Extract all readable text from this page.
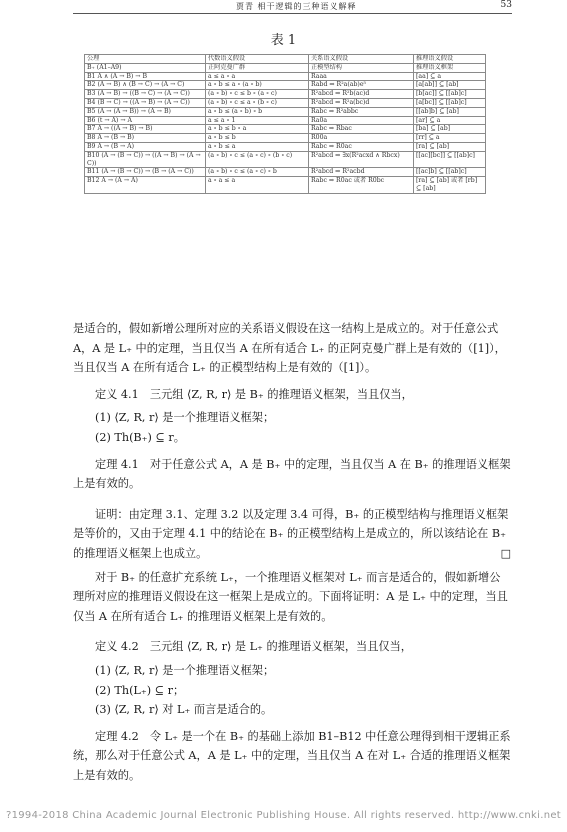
贾青 相干逻辑的三种语义解释	53
表 1
公理	代数语义假设	关系语义假设	推理语义假设
B₊ (A1–A9)	正阿克曼广群	正模型结构	推理语义框架
B1 A ∧ (A → B) → B	a ≤ a ∘ a	Raaa	[aa] ⊆ a
B2 (A → B) ∧ (B → C) → (A → C)	a ∘ b ≤ a ∘ (a ∘ b)	Rabd ⇒ R²a(ab)e⁵	[a[ab]] ⊆ [ab]
B3 (A → B) → ((B → C) → (A → C))	(a ∘ b) ∘ c ≤ b ∘ (a ∘ c)	R²abcd ⇒ R²b(ac)d	[b[ac]] ⊆ [[ab]c]
B4 (B → C) → ((A → B) → (A → C))	(a ∘ b) ∘ c ≤ a ∘ (b ∘ c)	R²abcd ⇒ R²a(bc)d	[a[bc]] ⊆ [[ab]c]
B5 (A → (A → B)) → (A → B)	a ∘ b ≤ (a ∘ b) ∘ b	Rabc ⇒ R²abbc	[[ab]b] ⊆ [ab]
B6 (t → A) → A	a ≤ a ∘ 1	Ra0a	[ar] ⊆ a
B7 A → ((A → B) → B)	a ∘ b ≤ b ∘ a	Rabc ⇒ Rbac	[ba] ⊆ [ab]
B8 A → (B → B)	a ∘ b ≤ b	R00a	[rr] ⊆ a
B9 A → (B → A)	a ∘ b ≤ a	Rabc ⇒ R0ac	[ra] ⊆ [ab]
B10 (A → (B → C)) → ((A → B) → (A → C))	(a ∘ b) ∘ c ≤ (a ∘ c) ∘ (b ∘ c)	R²abcd ⇒ ∃x(R²acxd ∧ Rbcx)	[[ac][bc]] ⊆ [[ab]c]
B11 (A → (B → C)) → (B → (A → C))	(a ∘ b) ∘ c ≤ (a ∘ c) ∘ b	R²abcd ⇒ R²acbd	[[ac]b] ⊆ [[ab]c]
B12 A → (A → A)	a ∘ a ≤ a	Rabc ⇒ R0ac 或者 R0bc	[ra] ⊆ [ab] 或者 [rb] ⊆ [ab]

是适合的，假如新增公理所对应的关系语义假设在这一结构上是成立的。对于任意公式 A，A 是 L₊ 中的定理，当且仅当 A 在所有适合 L₊ 的正阿克曼广群上是有效的（[1]），当且仅当 A 在所有适合 L₊ 的正模型结构上是有效的（[1]）。

定义 4.1　三元组 ⟨Z, R, r⟩ 是 B₊ 的推理语义框架，当且仅当，

(1) ⟨Z, R, r⟩ 是一个推理语义框架；

(2) Th(B₊) ⊆ r。

定理 4.1　对于任意公式 A，A 是 B₊ 中的定理，当且仅当 A 在 B₊ 的推理语义框架上是有效的。

证明：由定理 3.1、定理 3.2 以及定理 3.4 可得，B₊ 的正模型结构与推理语义框架是等价的，又由于定理 4.1 中的结论在 B₊ 的正模型结构上是成立的，所以该结论在 B₊ 的推理语义框架上也成立。	□

对于 B₊ 的任意扩充系统 L₊，一个推理语义框架对 L₊ 而言是适合的，假如新增公理所对应的推理语义假设在这一框架上是成立的。下面将证明：A 是 L₊ 中的定理，当且仅当 A 在所有适合 L₊ 的推理语义框架上是有效的。

定义 4.2　三元组 ⟨Z, R, r⟩ 是 L₊ 的推理语义框架，当且仅当，

(1) ⟨Z, R, r⟩ 是一个推理语义框架；

(2) Th(L₊) ⊆ r；

(3) ⟨Z, R, r⟩ 对 L₊ 而言是适合的。

定理 4.2　令 L₊ 是一个在 B₊ 的基础上添加 B1–B12 中任意公理得到相干逻辑正系统，那么对于任意公式 A，A 是 L₊ 中的定理，当且仅当 A 在对 L₊ 合适的推理语义框架上是有效的。

?1994-2018 China Academic Journal Electronic Publishing House. All rights reserved. http://www.cnki.net
